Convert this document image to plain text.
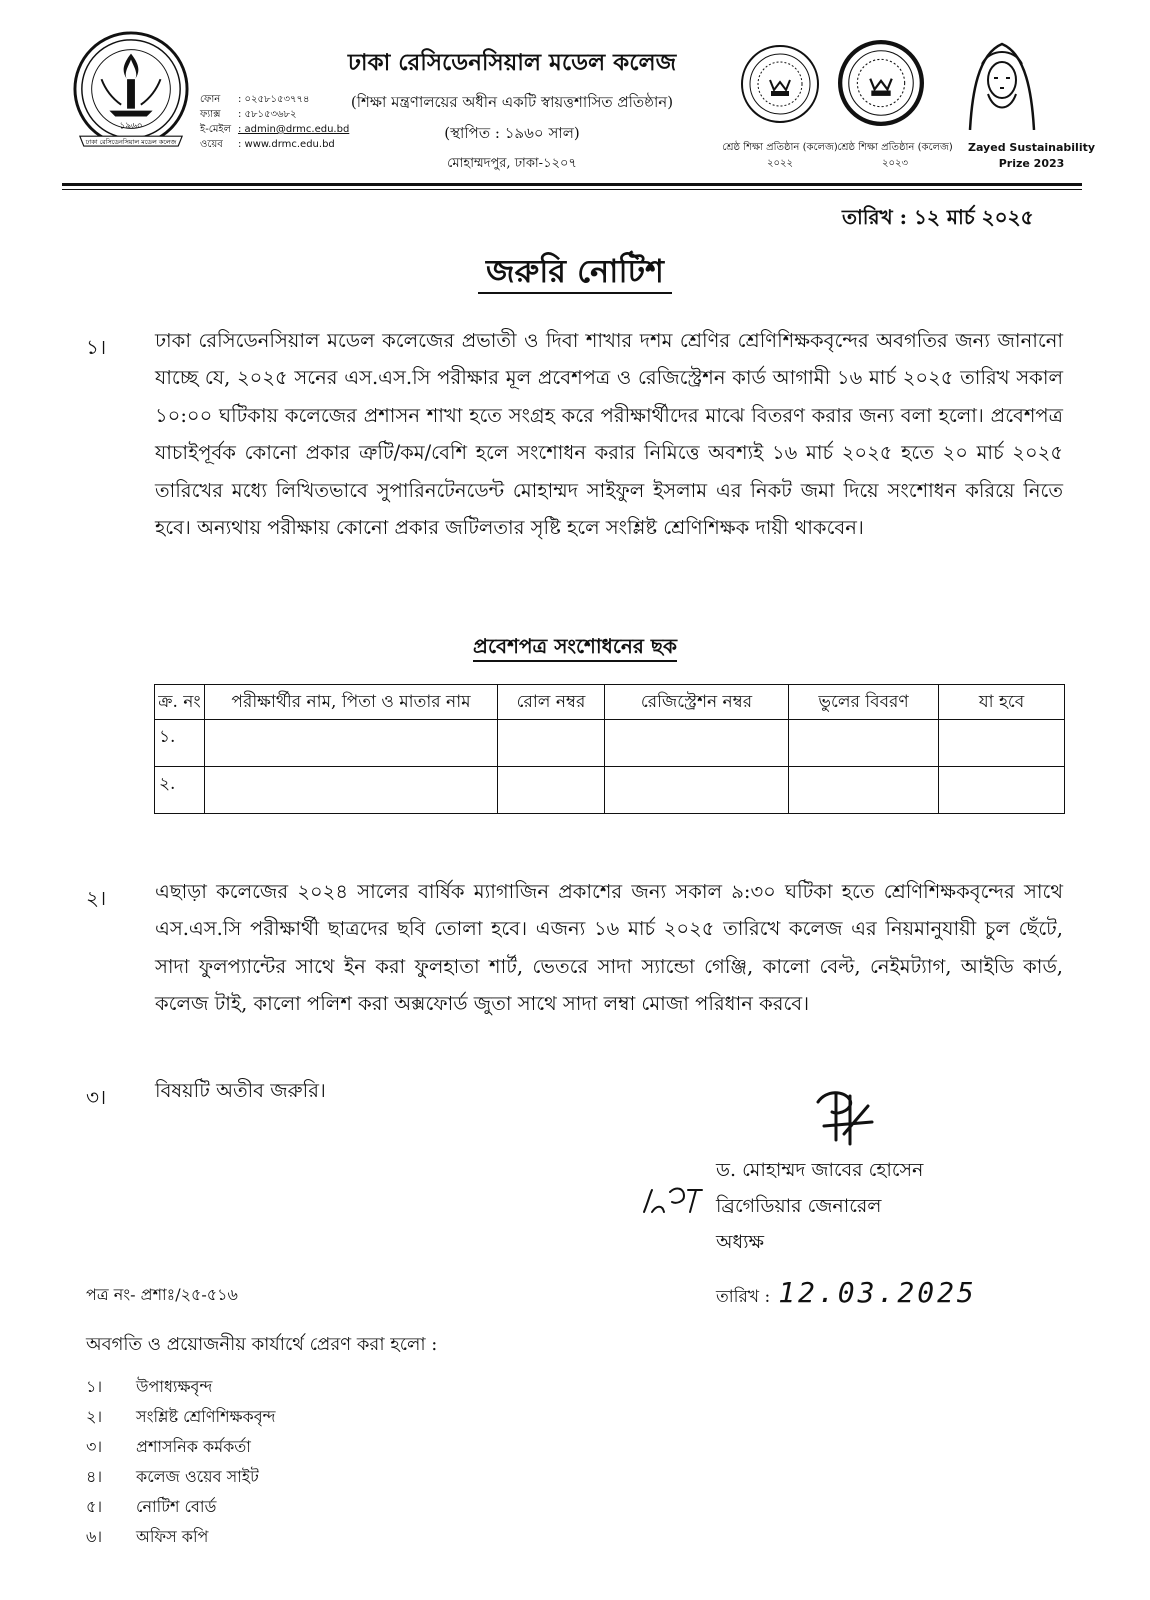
১৯৬০
ঢাকা রেসিডেনসিয়াল মডেল কলেজ
ফোন	: ০২৫৮১৫৩৭৭৪
ফ্যাক্স	: ৫৮১৫৩৬৮২
ই-মেইল : admin@drmc.edu.bd
ওয়েব	: www.drmc.edu.bd
ঢাকা রেসিডেনসিয়াল মডেল কলেজ
(শিক্ষা মন্ত্রণালয়ের অধীন একটি স্বায়ত্তশাসিত প্রতিষ্ঠান)
(স্থাপিত : ১৯৬০ সাল)
মোহাম্মদপুর, ঢাকা-১২০৭
শ্রেষ্ঠ শিক্ষা প্রতিষ্ঠান (কলেজ)
২০২২
শ্রেষ্ঠ শিক্ষা প্রতিষ্ঠান (কলেজ)
২০২৩
Zayed Sustainability
Prize 2023
তারিখ : ১২ মার্চ ২০২৫
জরুরি নোটিশ
১।	ঢাকা রেসিডেনসিয়াল মডেল কলেজের প্রভাতী ও দিবা শাখার দশম শ্রেণির শ্রেণিশিক্ষকবৃন্দের অবগতির জন্য জানানো যাচ্ছে যে, ২০২৫ সনের এস.এস.সি পরীক্ষার মূল প্রবেশপত্র ও রেজিস্ট্রেশন কার্ড আগামী ১৬ মার্চ ২০২৫ তারিখ সকাল ১০:০০ ঘটিকায় কলেজের প্রশাসন শাখা হতে সংগ্রহ করে পরীক্ষার্থীদের মাঝে বিতরণ করার জন্য বলা হলো। প্রবেশপত্র যাচাইপূর্বক কোনো প্রকার ত্রুটি/কম/বেশি হলে সংশোধন করার নিমিত্তে অবশ্যই ১৬ মার্চ ২০২৫ হতে ২০ মার্চ ২০২৫ তারিখের মধ্যে লিখিতভাবে সুপারিনটেনডেন্ট মোহাম্মদ সাইফুল ইসলাম এর নিকট জমা দিয়ে সংশোধন করিয়ে নিতে হবে। অন্যথায় পরীক্ষায় কোনো প্রকার জটিলতার সৃষ্টি হলে সংশ্লিষ্ট শ্রেণিশিক্ষক দায়ী থাকবেন।
প্রবেশপত্র সংশোধনের ছক
ক্র. নং	পরীক্ষার্থীর নাম, পিতা ও মাতার নাম	রোল নম্বর	রেজিস্ট্রেশন নম্বর	ভুলের বিবরণ	যা হবে
১.					
২.					
২।	এছাড়া কলেজের ২০২৪ সালের বার্ষিক ম্যাগাজিন প্রকাশের জন্য সকাল ৯:৩০ ঘটিকা হতে শ্রেণিশিক্ষকবৃন্দের সাথে এস.এস.সি পরীক্ষার্থী ছাত্রদের ছবি তোলা হবে। এজন্য ১৬ মার্চ ২০২৫ তারিখে কলেজ এর নিয়মানুযায়ী চুল ছেঁটে, সাদা ফুলপ্যান্টের সাথে ইন করা ফুলহাতা শার্ট, ভেতরে সাদা স্যান্ডো গেঞ্জি, কালো বেল্ট, নেইমট্যাগ, আইডি কার্ড, কলেজ টাই, কালো পলিশ করা অক্সফোর্ড জুতা সাথে সাদা লম্বা মোজা পরিধান করবে।
৩।	বিষয়টি অতীব জরুরি।
ড. মোহাম্মদ জাবের হোসেন
ব্রিগেডিয়ার জেনারেল
অধ্যক্ষ
পত্র নং- প্রশাঃ/২৫-৫১৬	তারিখ : 12.03.2025
অবগতি ও প্রয়োজনীয় কার্যার্থে প্রেরণ করা হলো :
১।	উপাধ্যক্ষবৃন্দ
২।	সংশ্লিষ্ট শ্রেণিশিক্ষকবৃন্দ
৩।	প্রশাসনিক কর্মকর্তা
৪।	কলেজ ওয়েব সাইট
৫।	নোটিশ বোর্ড
৬।	অফিস কপি
